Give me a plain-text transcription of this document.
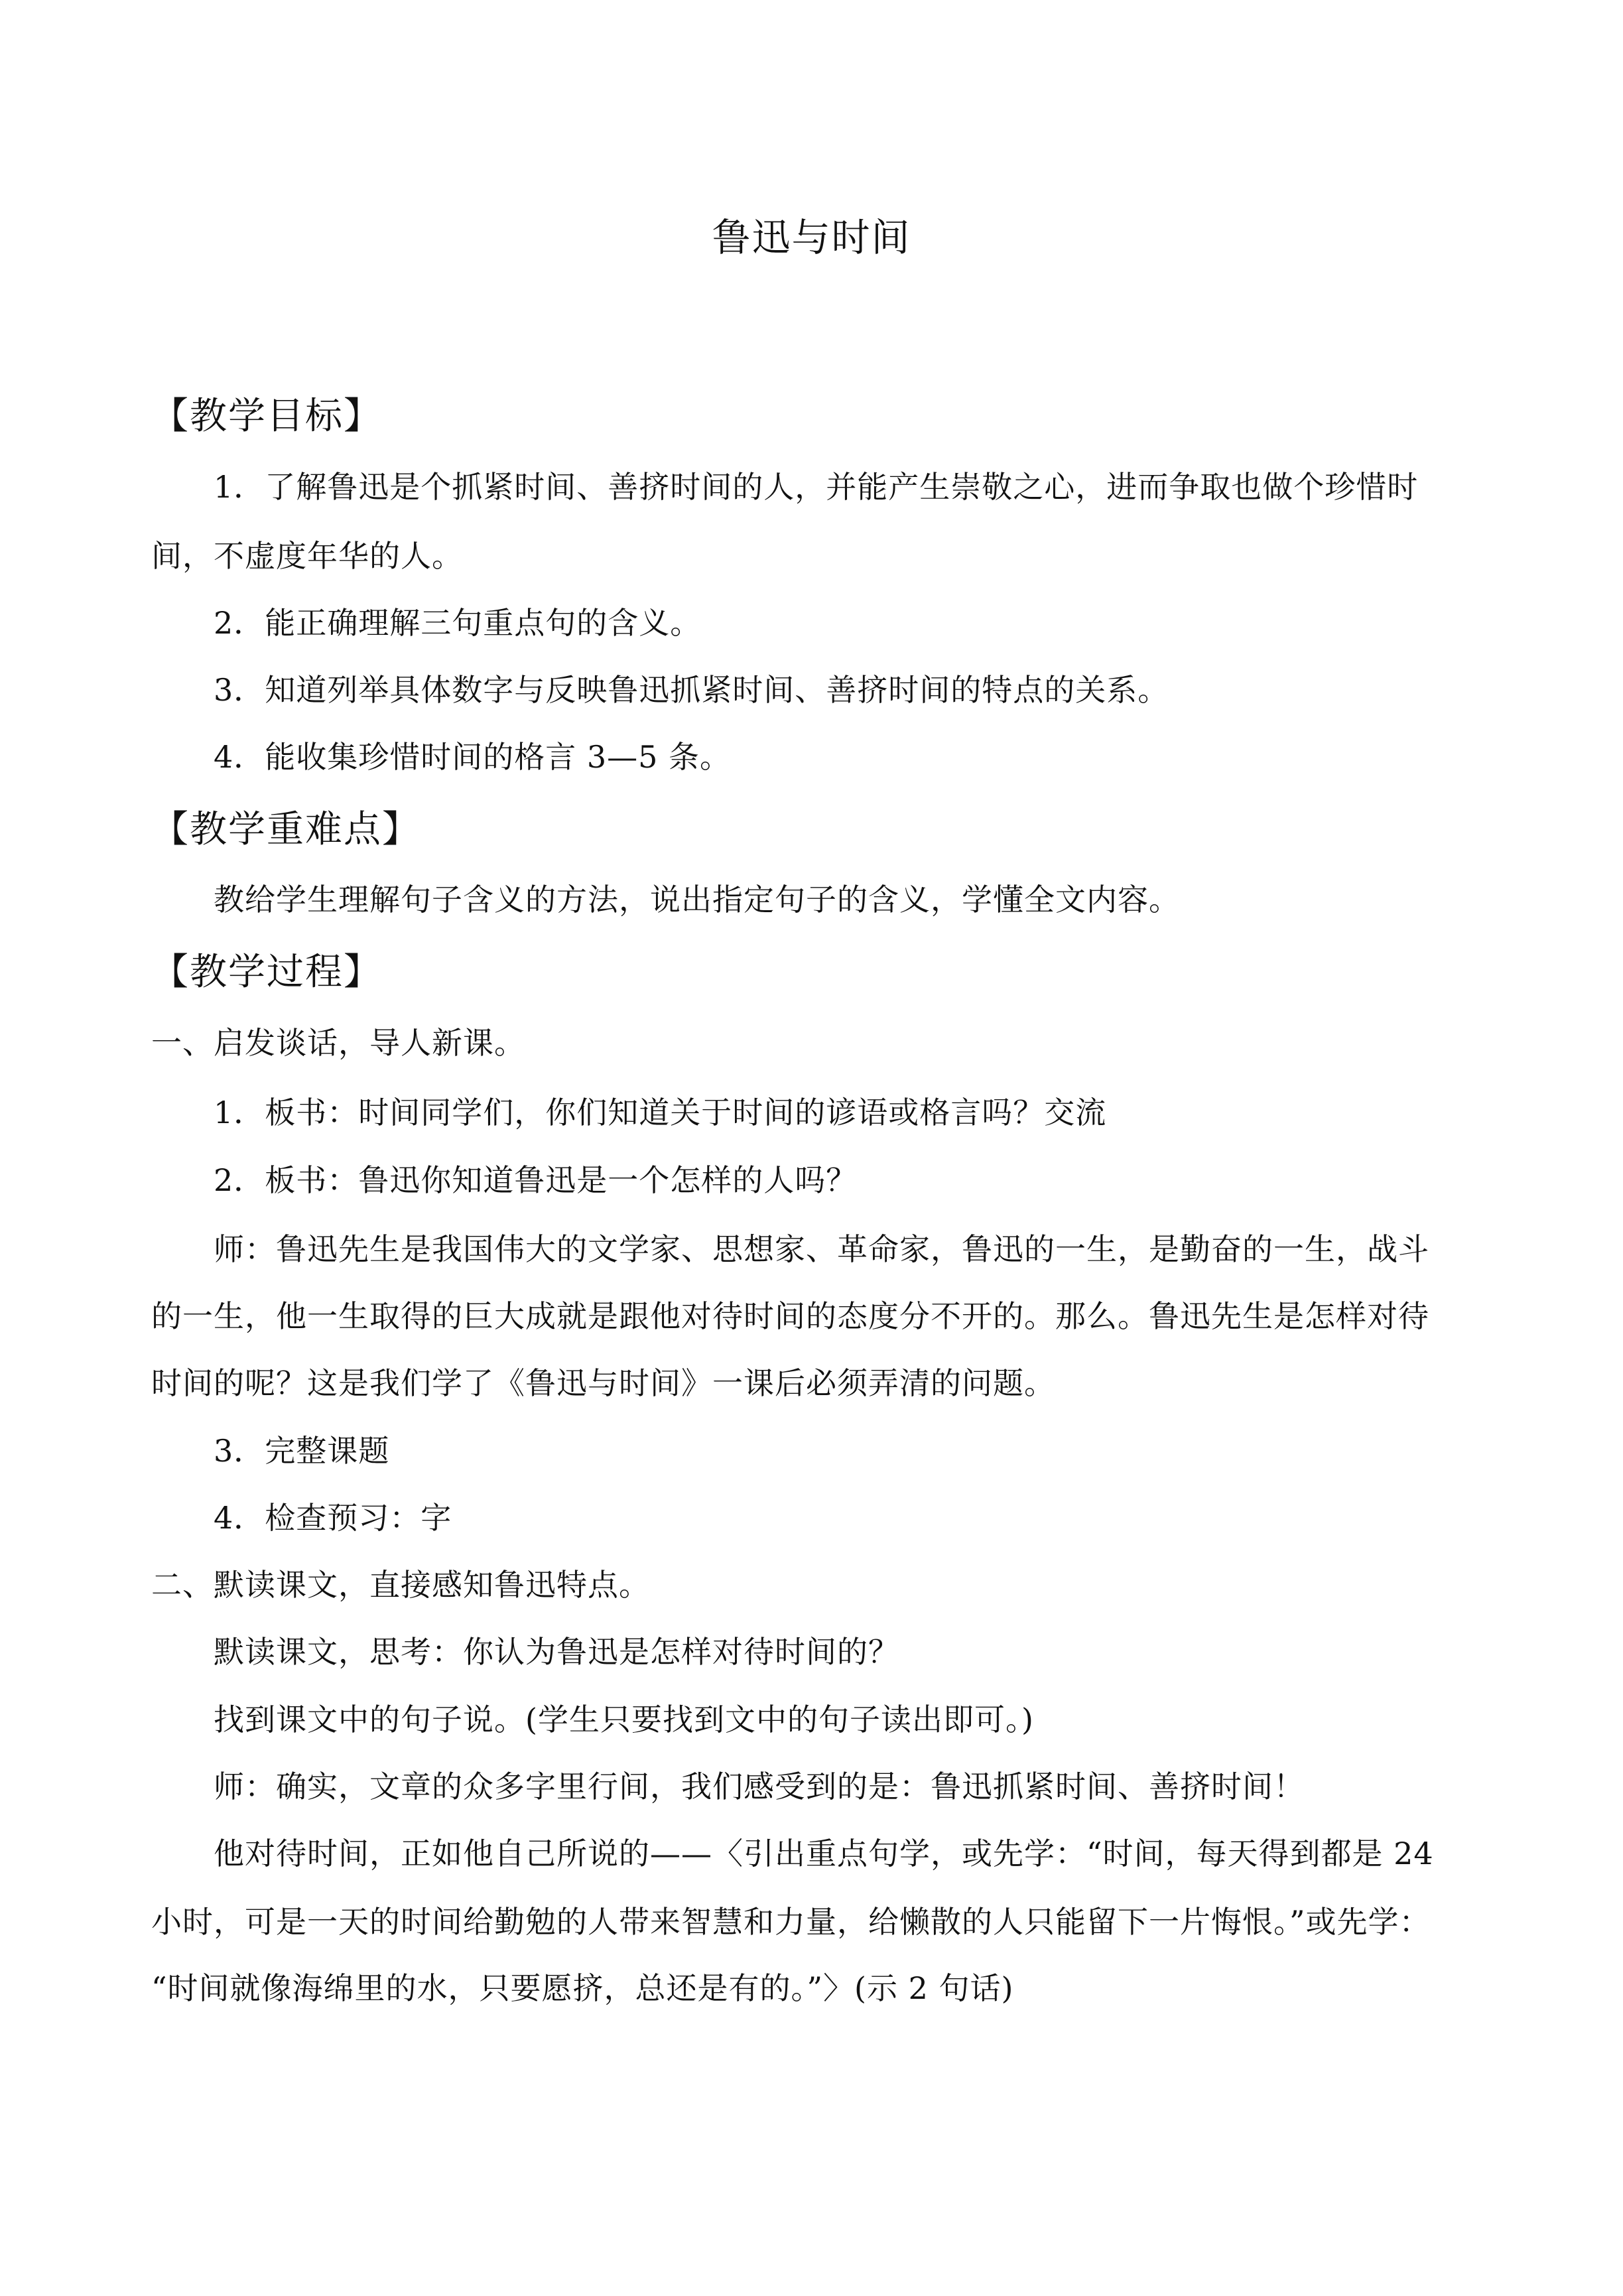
鲁迅与时间
【教学目标】
1．了解鲁迅是个抓紧时间、善挤时间的人，并能产生崇敬之心，进而争取也做个珍惜时
间，不虚度年华的人。
2．能正确理解三句重点句的含义。
3．知道列举具体数字与反映鲁迅抓紧时间、善挤时间的特点的关系。
4．能收集珍惜时间的格言 3—5 条。
【教学重难点】
教给学生理解句子含义的方法，说出指定句子的含义，学懂全文内容。
【教学过程】
一、启发谈话，导人新课。
1．板书：时间同学们，你们知道关于时间的谚语或格言吗？交流
2．板书：鲁迅你知道鲁迅是一个怎样的人吗？
师：鲁迅先生是我国伟大的文学家、思想家、革命家，鲁迅的一生，是勤奋的一生，战斗
的一生，他一生取得的巨大成就是跟他对待时间的态度分不开的。那么。鲁迅先生是怎样对待
时间的呢？这是我们学了《鲁迅与时间》一课后必须弄清的问题。
3．完整课题
4．检查预习：字
二、默读课文，直接感知鲁迅特点。
默读课文，思考：你认为鲁迅是怎样对待时间的？
找到课文中的句子说。(学生只要找到文中的句子读出即可。)
师：确实，文章的众多字里行间，我们感受到的是：鲁迅抓紧时间、善挤时间！
他对待时间，正如他自己所说的——〈引出重点句学，或先学：“时间，每天得到都是 24
小时，可是一天的时间给勤勉的人带来智慧和力量，给懒散的人只能留下一片悔恨。”或先学：
“时间就像海绵里的水，只要愿挤，总还是有的。”〉(示 2 句话)
